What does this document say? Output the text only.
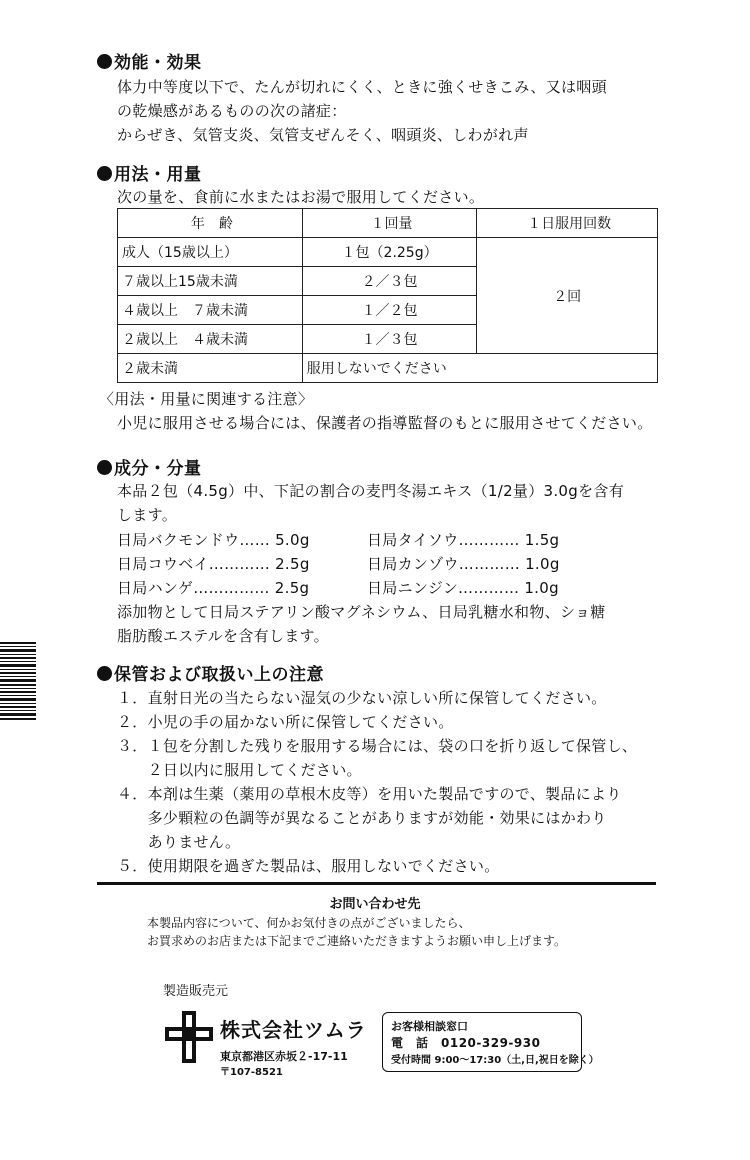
効能・効果
体力中等度以下で、たんが切れにくく、ときに強くせきこみ、又は咽頭
の乾燥感があるものの次の諸症：
からぜき、気管支炎、気管支ぜんそく、咽頭炎、しわがれ声
用法・用量
次の量を、食前に水またはお湯で服用してください。
年　齢	１回量	１日服用回数
成人（15歳以上）	１包（2.25g）	２回
７歳以上15歳未満	２／３包	
４歳以上　７歳未満	１／２包	
２歳以上　４歳未満	１／３包	
２歳未満	服用しないでください	
〈用法・用量に関連する注意〉
小児に服用させる場合には、保護者の指導監督のもとに服用させてください。
成分・分量
本品２包（4.5g）中、下記の割合の麦門冬湯エキス（1/2量）3.0gを含有
します。
日局バクモンドウ…… 5.0g	日局タイソウ………… 1.5g
日局コウベイ………… 2.5g	日局カンゾウ………… 1.0g
日局ハンゲ…………… 2.5g	日局ニンジン………… 1.0g
添加物として日局ステアリン酸マグネシウム、日局乳糖水和物、ショ糖
脂肪酸エステルを含有します。
保管および取扱い上の注意
１．直射日光の当たらない湿気の少ない涼しい所に保管してください。
２．小児の手の届かない所に保管してください。
３．１包を分割した残りを服用する場合には、袋の口を折り返して保管し、
　　２日以内に服用してください。
４．本剤は生薬（薬用の草根木皮等）を用いた製品ですので、製品により
　　多少顆粒の色調等が異なることがありますが効能・効果にはかわり
　　ありません。
５．使用期限を過ぎた製品は、服用しないでください。
お問い合わせ先
本製品内容について、何かお気付きの点がございましたら、
お買求めのお店または下記までご連絡いただきますようお願い申し上げます。
製造販売元
株式会社ツムラ
東京都港区赤坂２-17-11
〒107-8521
お客様相談窓口
電　話　0120-329-930
受付時間 9:00〜17:30（土,日,祝日を除く）
